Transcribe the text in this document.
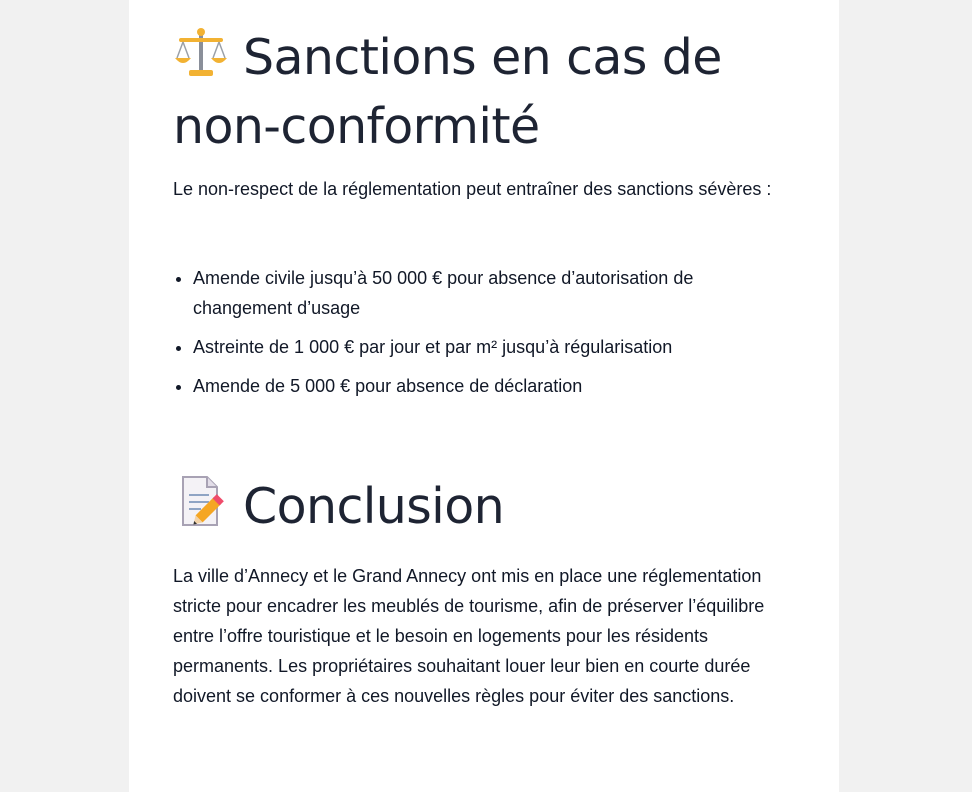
Sanctions en cas de non-conformité

Le non-respect de la réglementation peut entraîner des sanctions sévères :

• Amende civile jusqu’à 50 000 € pour absence d’autorisation de changement d’usage
• Astreinte de 1 000 € par jour et par m² jusqu’à régularisation
• Amende de 5 000 € pour absence de déclaration
Conclusion

La ville d’Annecy et le Grand Annecy ont mis en place une réglementation stricte pour encadrer les meublés de tourisme, afin de préserver l’équilibre entre l’offre touristique et le besoin en logements pour les résidents permanents. Les propriétaires souhaitant louer leur bien en courte durée doivent se conformer à ces nouvelles règles pour éviter des sanctions.
